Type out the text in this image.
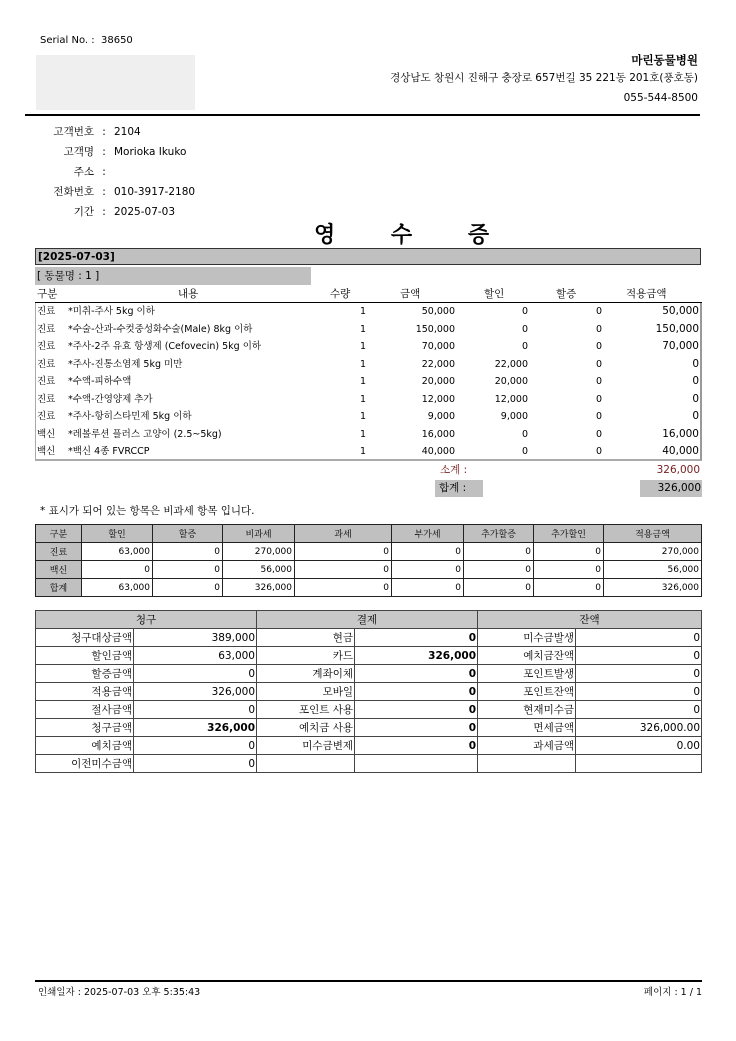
Serial No. : 38650
마린동물병원
경상남도 창원시 진해구 충장로 657번길 35 221동 201호(풍호동)
055-544-8500
고객번호 : 2104
고객명 : Morioka Ikuko
주소 :
전화번호 : 010-3917-2180
기간 : 2025-07-03
영 수 증
[2025-07-03]
[ 동물명 : 1 ]
구분	내용	수량	금액	할인	할증	적용금액
진료 *미취-주사 5kg 이하	1	50,000	0	0	50,000
진료 *수술-산과-수컷중성화수술(Male) 8kg 이하	1	150,000	0	0	150,000
진료 *주사-2주 유효 항생제 (Cefovecin) 5kg 이하	1	70,000	0	0	70,000
진료 *주사-진통소염제 5kg 미만	1	22,000	22,000	0	0
진료 *수액-피하수액	1	20,000	20,000	0	0
진료 *수액-간영양제 추가	1	12,000	12,000	0	0
진료 *주사-항히스타민제 5kg 이하	1	9,000	9,000	0	0
백신 *레볼루션 플러스 고양이 (2.5~5kg)	1	16,000	0	0	16,000
백신 *백신 4종 FVRCCP	1	40,000	0	0	40,000
소계 :	326,000
합계 :	326,000
* 표시가 되어 있는 항목은 비과세 항목 입니다.
구분	할인	할증	비과세	과세	부가세	추가할증	추가할인	적용금액
진료	63,000	0	270,000	0	0	0	0	270,000
백신	0	0	56,000	0	0	0	0	56,000
합계	63,000	0	326,000	0	0	0	0	326,000
청구		결제		잔액	
청구대상금액	389,000	현금	0	미수금발생	0
할인금액	63,000	카드	326,000	예치금잔액	0
할증금액	0	계좌이체	0	포인트발생	0
적용금액	326,000	모바일	0	포인트잔액	0
절사금액	0	포인트 사용	0	현재미수금	0
청구금액	326,000	예치금 사용	0	면세금액	326,000.00
예치금액	0	미수금변제	0	과세금액	0.00
이전미수금액	0				
인쇄일자 : 2025-07-03 오후 5:35:43	페이지 : 1 / 1
